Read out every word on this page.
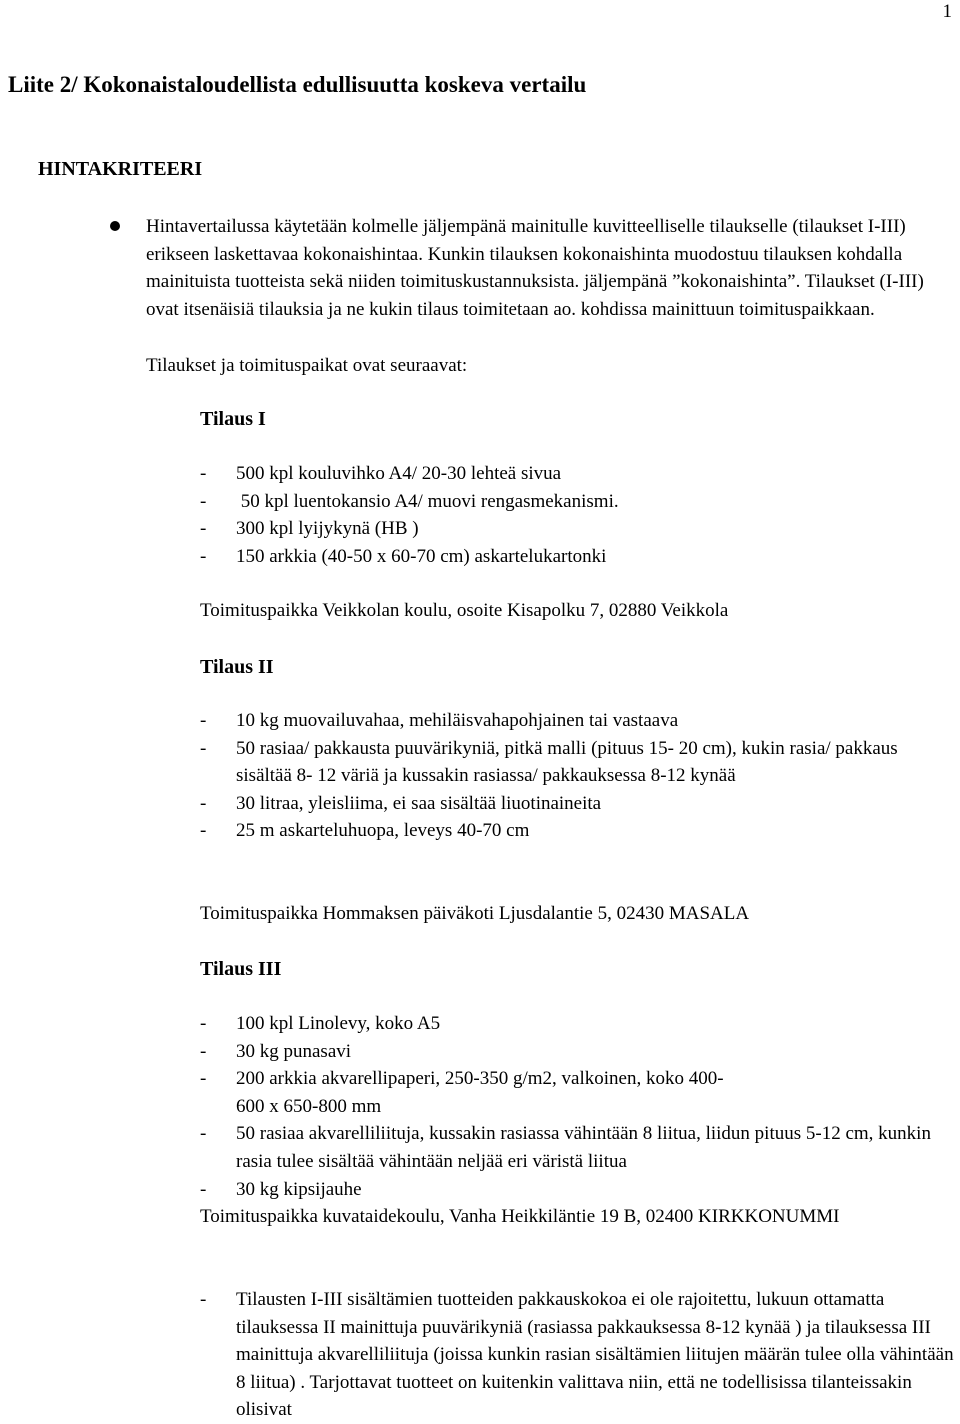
1
Liite 2/ Kokonaistaloudellista edullisuutta koskeva vertailu
HINTAKRITEERI

Hintavertailussa käytetään kolmelle jäljempänä mainitulle kuvitteelliselle tilaukselle (tilaukset I-III) erikseen laskettavaa kokonaishintaa. Kunkin tilauksen kokonaishinta muodostuu tilauksen kohdalla mainituista tuotteista sekä niiden toimituskustannuksista. jäljempänä ”kokonaishinta”. Tilaukset (I-III) ovat itsenäisiä tilauksia ja ne kukin tilaus toimitetaan ao. kohdissa mainittuun toimituspaikkaan.

Tilaukset ja toimituspaikat ovat seuraavat:
Tilaus I
- 500 kpl kouluvihko A4/ 20-30 lehteä sivua
- 50 kpl luentokansio A4/ muovi rengasmekanismi.
- 300 kpl lyijykynä (HB )
- 150 arkkia (40-50 x 60-70 cm) askartelukartonki
Toimituspaikka Veikkolan koulu, osoite Kisapolku 7, 02880 Veikkola
Tilaus II
- 10 kg muovailuvahaa, mehiläisvahapohjainen tai vastaava
- 50 rasiaa/ pakkausta puuvärikyniä, pitkä malli (pituus 15- 20 cm), kukin rasia/ pakkaus sisältää 8- 12 väriä ja kussakin rasiassa/ pakkauksessa 8-12 kynää
- 30 litraa, yleisliima, ei saa sisältää liuotinaineita
- 25 m askarteluhuopa, leveys 40-70 cm
Toimituspaikka Hommaksen päiväkoti Ljusdalantie 5, 02430 MASALA
Tilaus III
- 100 kpl Linolevy, koko A5
- 30 kg punasavi
- 200 arkkia akvarellipaperi, 250-350 g/m2, valkoinen, koko 400-600 x 650-800 mm
- 50 rasiaa akvarelliliituja, kussakin rasiassa vähintään 8 liitua, liidun pituus 5-12 cm, kunkin rasia tulee sisältää vähintään neljää eri väristä liitua
- 30 kg kipsijauhe
Toimituspaikka kuvataidekoulu, Vanha Heikkiläntie 19 B, 02400 KIRKKONUMMI
- Tilausten I-III sisältämien tuotteiden pakkauskokoa ei ole rajoitettu, lukuun ottamatta tilauksessa II mainittuja puuvärikyniä (rasiassa pakkauksessa 8-12 kynää ) ja tilauksessa III mainittuja akvarelliliituja (joissa kunkin rasian sisältämien liitujen määrän tulee olla vähintään 8 liitua) . Tarjottavat tuotteet on kuitenkin valittava niin, että ne todellisissa tilanteissakin olisivat
